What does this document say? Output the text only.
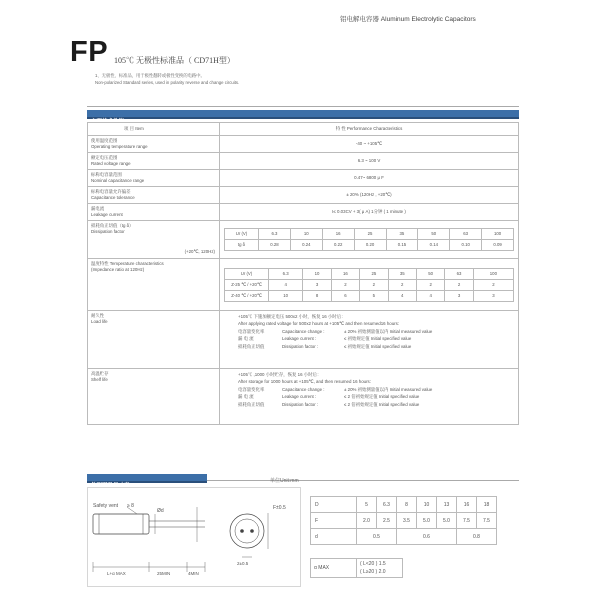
铝电解电容器 Aluminum Electrolytic Capacitors
FP 105℃ 无极性标准品（ CD71H型）
1、无极性、标准品，用于极性翻转或极性变换的电路中。
Non-polarized Standard series, used in polarity reverse and change circuits.
主要技术性能 Specifications
项 目 Item	特 性 Performance Characteristics

使用温度范围
Operating temperature range
	-40 ~ +105℃

额定电压范围
Rated voltage range
	6.3 ~ 100 V

标称电容量范围
Nominal capacitance range
	0.47~ 6800 μ F

标称电容量允许偏差
Capacitance tolerance
	± 20% (120Hz , +20℃)

漏电流
Leakage current
	I≤ 0.03CV + 3( μ A) 1分钟 ( 1 minute )

损耗角正切值（tg δ）
Dissipation factor
(+20℃, 120Hz)

Ur (V)	6.3	10	16	25	35	50	63	100
tg δ	0.28	0.24	0.22	0.20	0.15	0.14	0.10	0.09

温度特性 Temperature characteristics
(Impedance ratio at 120Hz)

Ur (V)	6.3	10	16	25	35	50	63	100
Z-25 ℃ / +20℃	4	3	2	2	2	2	2	2
Z-40 ℃ / +20℃	10	8	6	5	4	4	3	3

耐久性
Load life

+105℃ 下施加额定电压 500x2 小时，恢复 16 小时后：
After applying rated voltage for 500x2 hours at +105℃ and then resumed16 hours:
电容量变化率	Capacitance change :	± 20% 初始测量值以内 Initial measured value
漏 电 流	Leakage current :	≤ 初始规定值 Initial specified value
损耗角正切值	Dissipation factor :	≤ 初始规定值 Initial specified value

高温贮存
Shelf life

+105℃ ,1000 小时贮存，恢复 16 小时后：
After storage for 1000 hours at +105℃, and then resumed 16 hours:
电容量变化率	Capacitance change :	± 20% 初始测量值以内 Initial measured value
漏 电 流	Leakage current :	≤ 2 倍初始规定值 Initial specified value
损耗角正切值	Dissipation factor :	≤ 2 倍初始规定值 Initial specified value
外形图及尺寸表 Case size table
单位Unit:mm
Safety vent ≥ 8
Ød	F±0.5
L+α MAX	25MIN	4MIN
2±0.5
D	5	6.3	8	10	13	16	18
F	2.0	2.5	3.5	5.0	5.0	7.5	7.5
d	0.5		0.6			0.8	
α MAX	
( L<20 ) 1.5
( L≥20 ) 2.0
